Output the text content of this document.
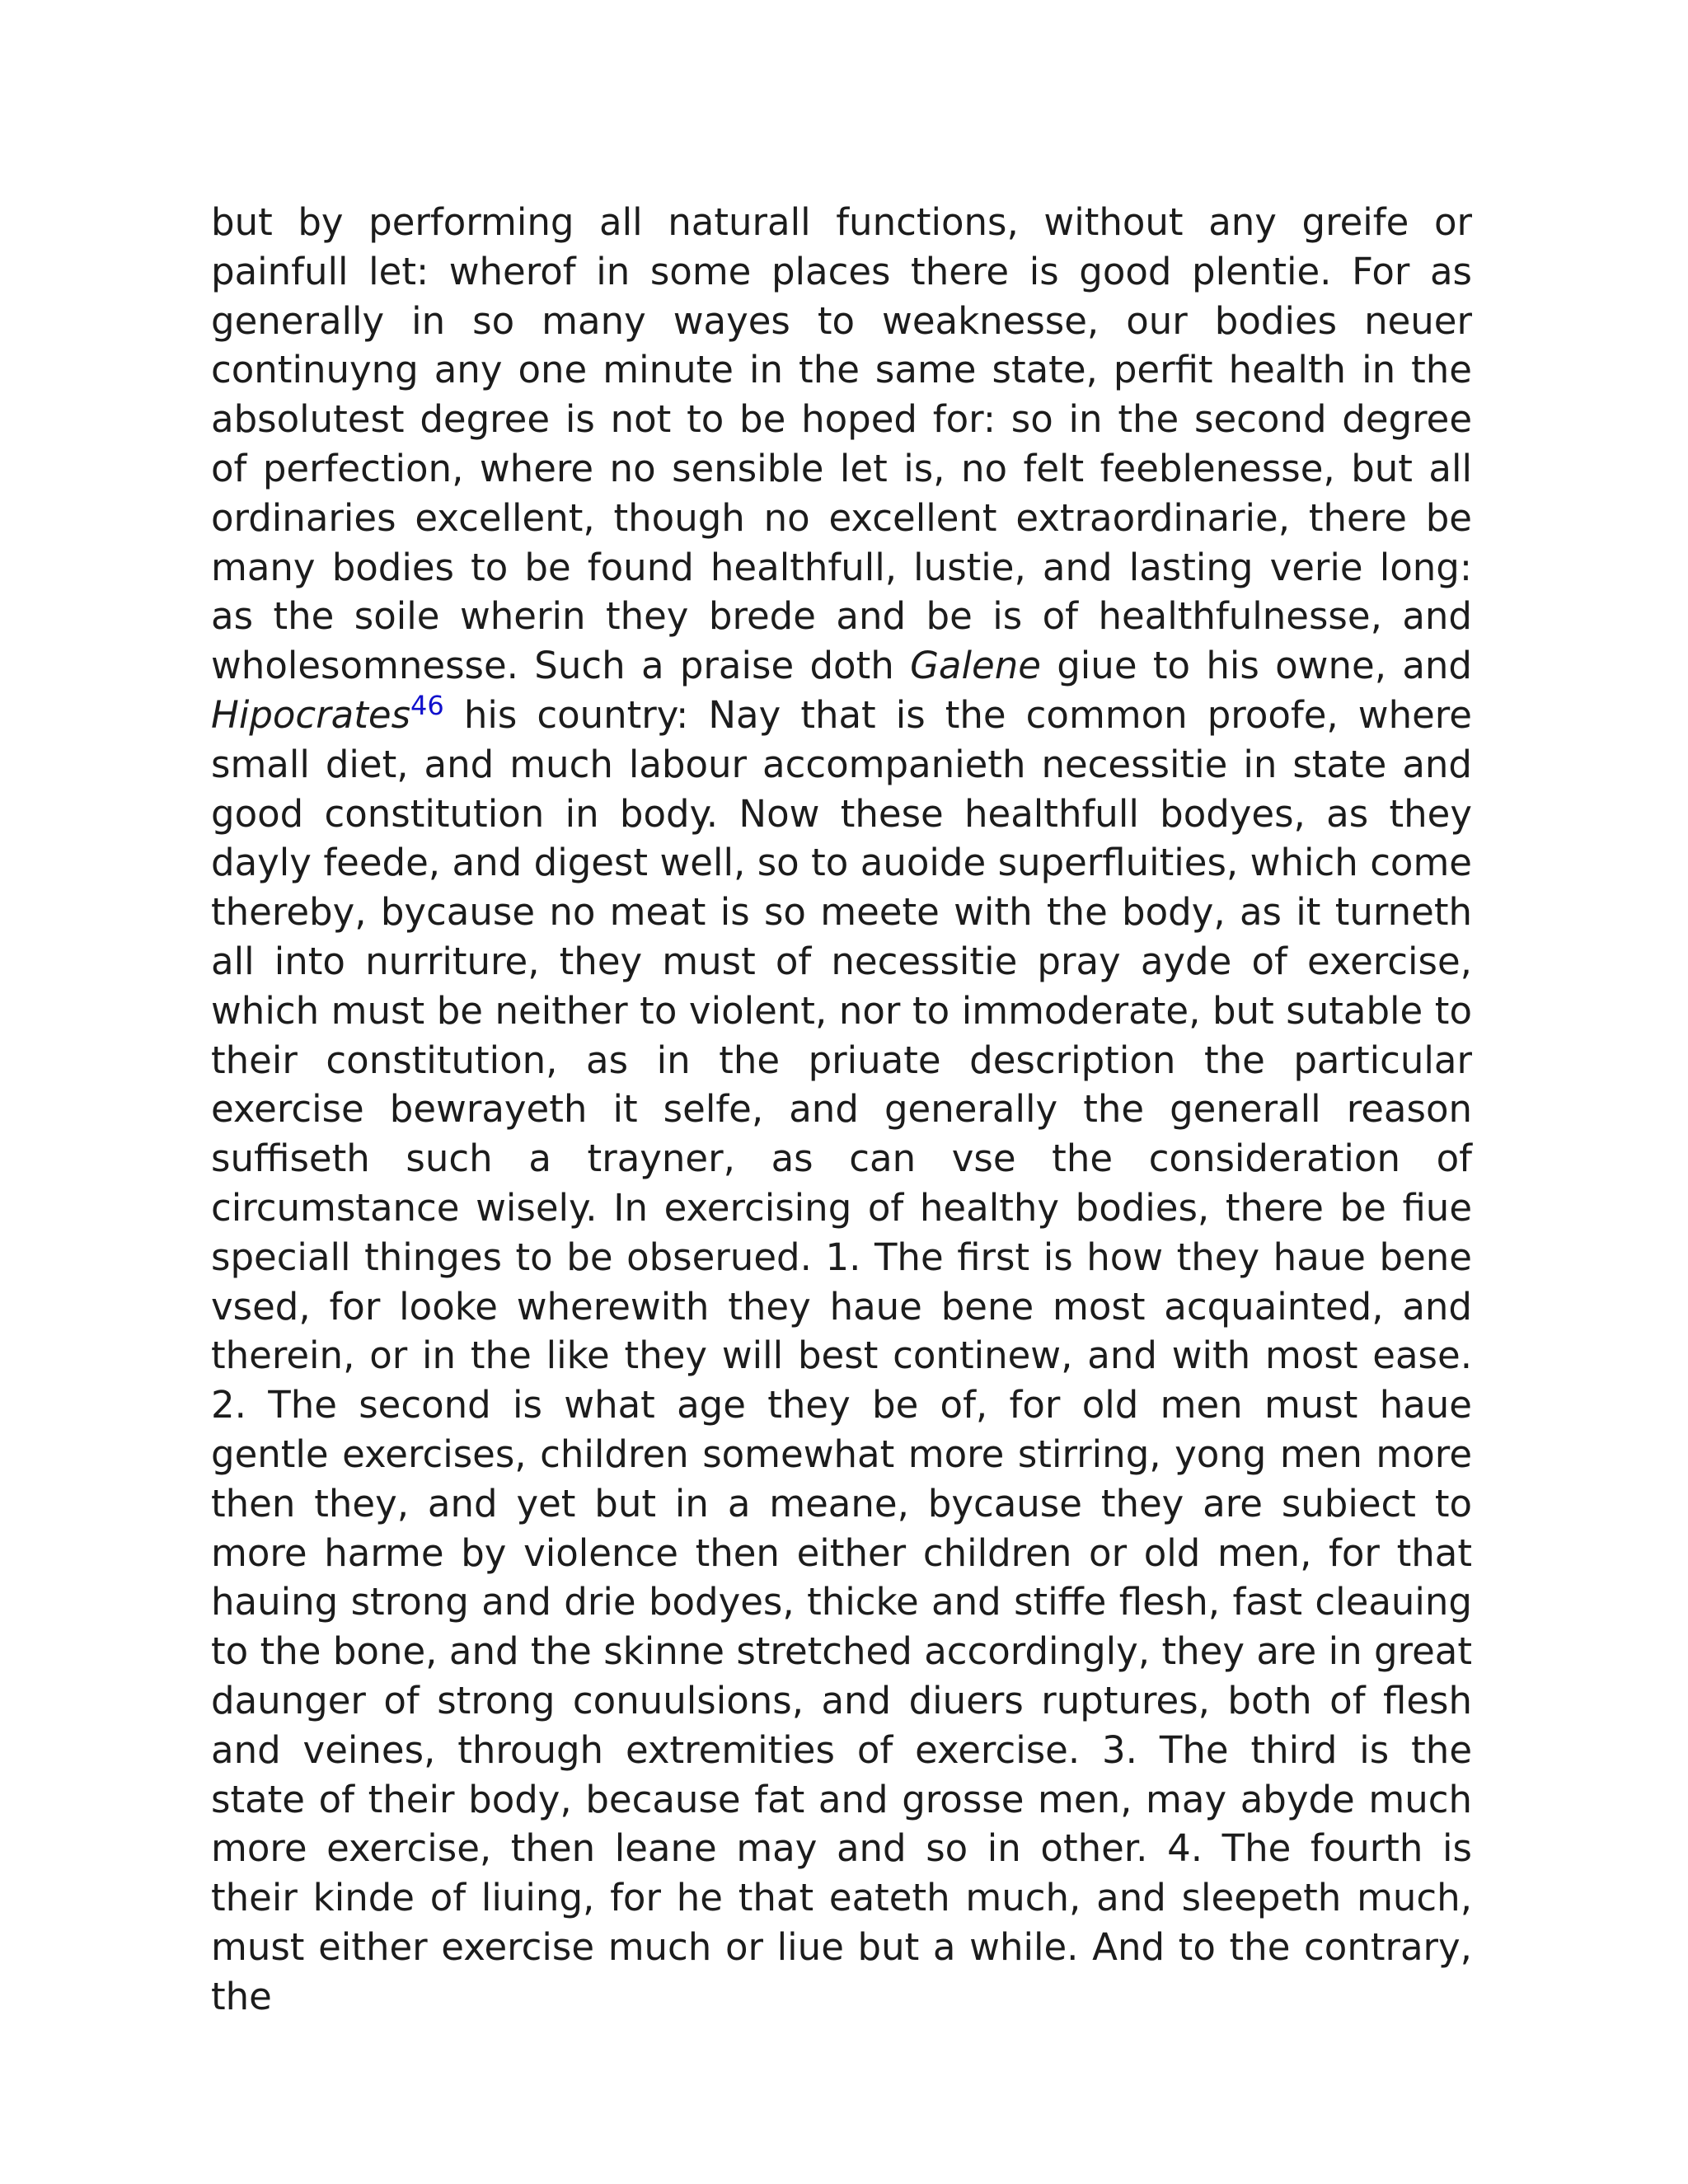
but by performing all naturall functions, without any greife or painfull let: wherof in some places there is good plentie. For as generally in so many wayes to weaknesse, our bodies neuer continuyng any one minute in the same state, perfit health in the absolutest degree is not to be hoped for: so in the second degree of perfection, where no sensible let is, no felt feeblenesse, but all ordinaries excellent, though no excellent extraordinarie, there be many bodies to be found healthfull, lustie, and lasting verie long: as the soile wherin they brede and be is of healthfulnesse, and wholesomnesse. Such a praise doth Galene giue to his owne, and Hipocrates$^{46}$ his country: Nay that is the common proofe, where small diet, and much labour accompanieth necessitie in state and good constitution in body. Now these healthfull bodyes, as they dayly feede, and digest well, so to auoide superfluities, which come thereby, bycause no meat is so meete with the body, as it turneth all into nurriture, they must of necessitie pray ayde of exercise, which must be neither to violent, nor to immoderate, but sutable to their constitution, as in the priuate description the particular exercise bewrayeth it selfe, and generally the generall reason suffiseth such a trayner, as can vse the consideration of circumstance wisely. In exercising of healthy bodies, there be fiue speciall thinges to be obserued. 1. The first is how they haue bene vsed, for looke wherewith they haue bene most acquainted, and therein, or in the like they will best continew, and with most ease. 2. The second is what age they be of, for old men must haue gentle exercises, children somewhat more stirring, yong men more then they, and yet but in a meane, bycause they are subiect to more harme by violence then either children or old men, for that hauing strong and drie bodyes, thicke and stiffe flesh, fast cleauing to the bone, and the skinne stretched accordingly, they are in great daunger of strong conuulsions, and diuers ruptures, both of flesh and veines, through extremities of exercise. 3. The third is the state of their body, because fat and grosse men, may abyde much more exercise, then leane may and so in other. 4. The fourth is their kinde of liuing, for he that eateth much, and sleepeth much, must either exercise much or liue but a while. And to the contrary, the
